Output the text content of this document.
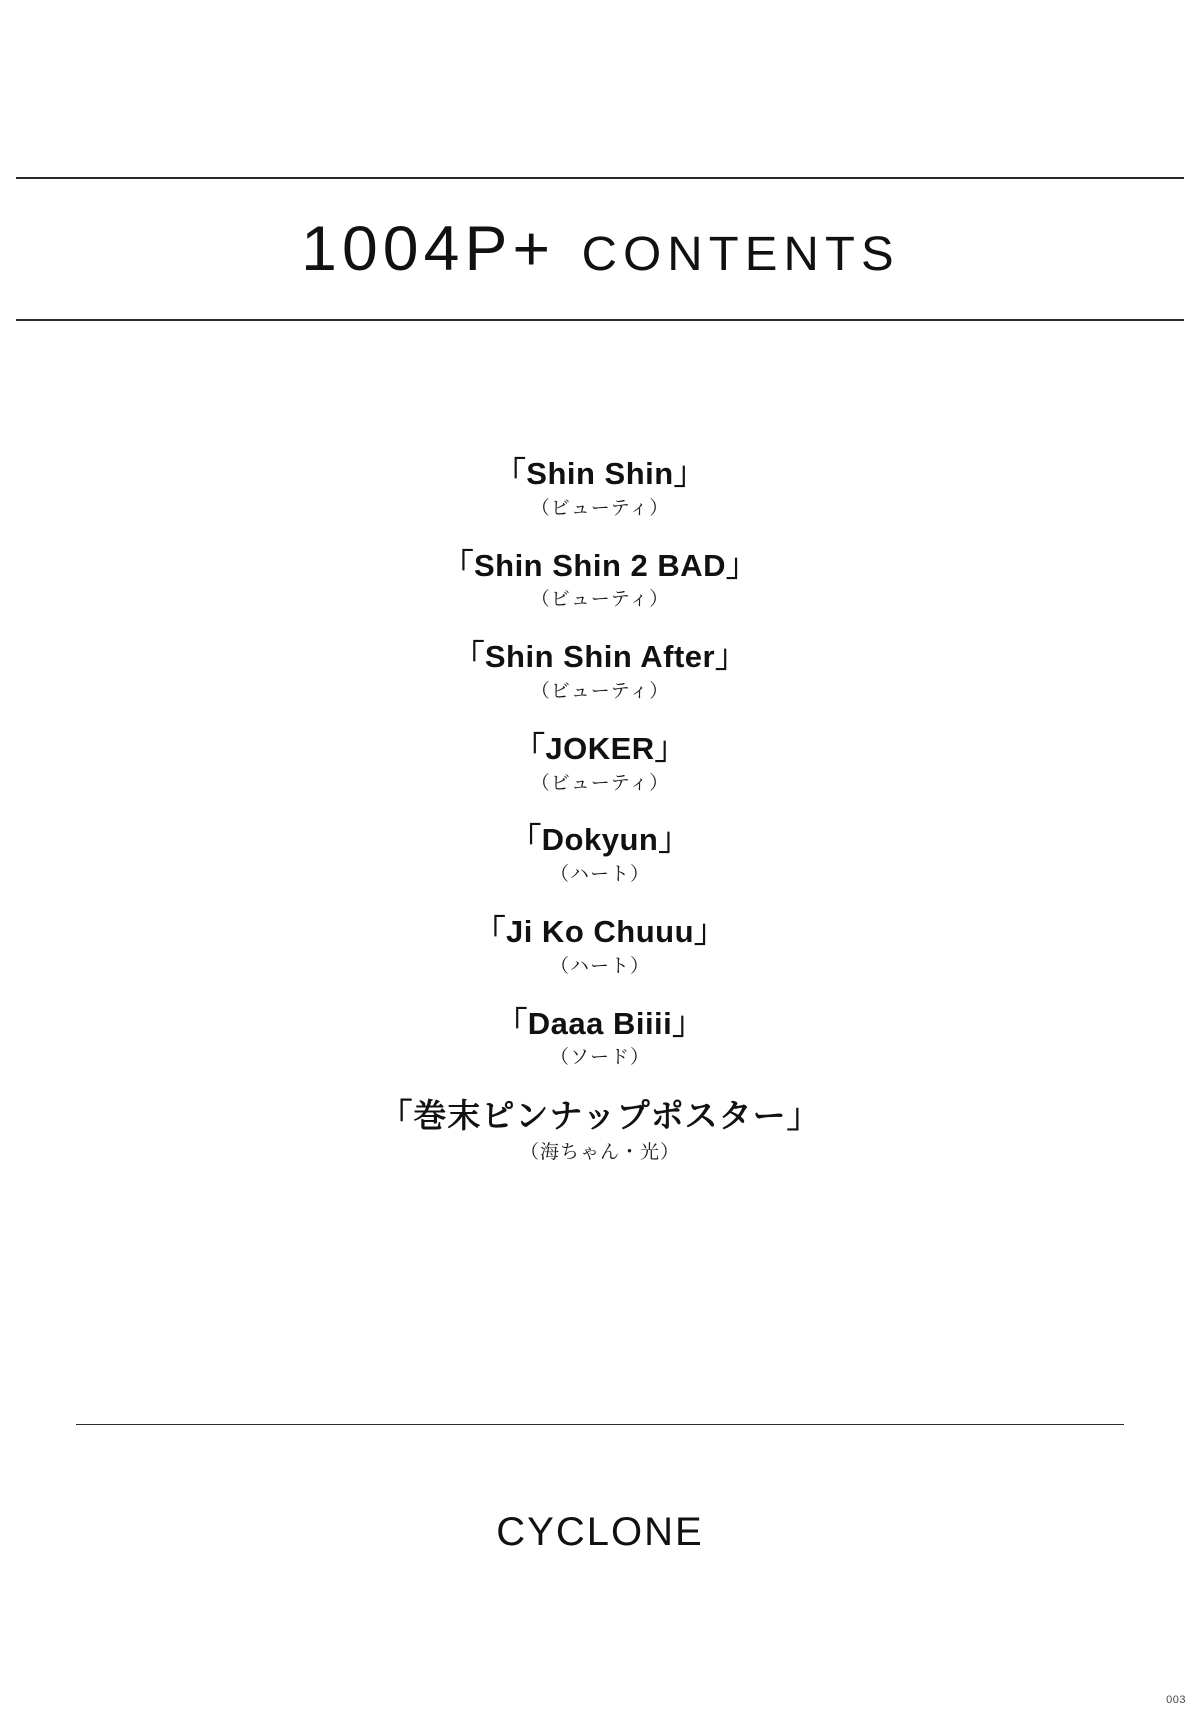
1004P+ CONTENTS
「Shin Shin」
（ビューティ）
「Shin Shin 2 BAD」
（ビューティ）
「Shin Shin After」
（ビューティ）
「JOKER」
（ビューティ）
「Dokyun」
（ハート）
「Ji Ko Chuuu」
（ハート）
「Daaa Biiii」
（ソード）
「巻末ピンナップポスター」
（海ちゃん・光）
CYCLONE
003
